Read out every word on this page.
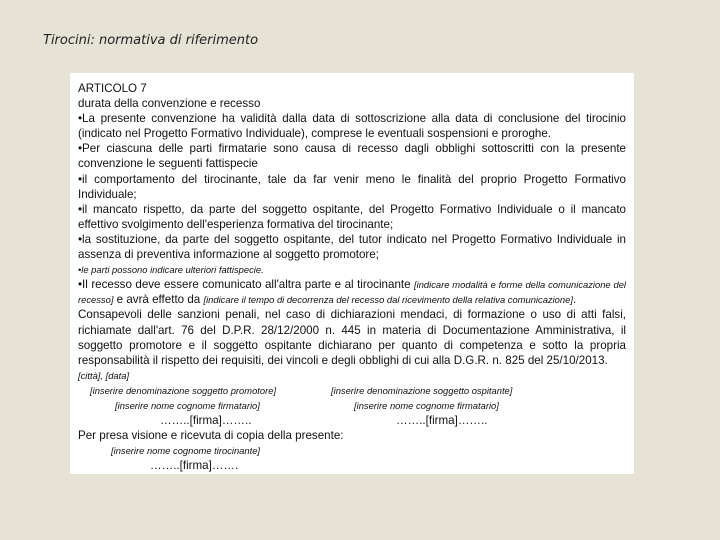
Tirocini: normativa di riferimento

ARTICOLO 7

durata della convenzione e recesso

•La presente convenzione ha validità dalla data di sottoscrizione alla data di conclusione del tirocinio (indicato nel Progetto Formativo Individuale), comprese le eventuali sospensioni e proroghe.

•Per ciascuna delle parti firmatarie sono causa di recesso dagli obblighi sottoscritti con la presente convenzione le seguenti fattispecie

•il comportamento del tirocinante, tale da far venir meno le finalità del proprio Progetto Formativo Individuale;

•il mancato rispetto, da parte del soggetto ospitante, del Progetto Formativo Individuale o il mancato effettivo svolgimento dell'esperienza formativa del tirocinante;

•la sostituzione, da parte del soggetto ospitante, del tutor indicato nel Progetto Formativo Individuale in assenza di preventiva informazione al soggetto promotore;

•le parti possono indicare ulteriori fattispecie.

•Il recesso deve essere comunicato all'altra parte e al tirocinante [indicare modalità e forme della comunicazione del recesso] e avrà effetto da [indicare il tempo di decorrenza del recesso dal ricevimento della relativa comunicazione].

Consapevoli delle sanzioni penali, nel caso di dichiarazioni mendaci, di formazione o uso di atti falsi, richiamate dall'art. 76 del D.P.R. 28/12/2000 n. 445 in materia di Documentazione Amministrativa, il soggetto promotore e il soggetto ospitante dichiarano per quanto di competenza e sotto la propria responsabilità il rispetto dei requisiti, dei vincoli e degli obblighi di cui alla D.G.R. n. 825 del 25/10/2013.

[città], [data]

[inserire denominazione soggetto promotore]	[inserire denominazione soggetto ospitante]
[inserire nome cognome firmatario]	[inserire nome cognome firmatario]
……..[firma]……..	……..[firma]……..

Per presa visione e ricevuta di copia della presente:

[inserire nome cognome tirocinante]
……..[firma]…….
